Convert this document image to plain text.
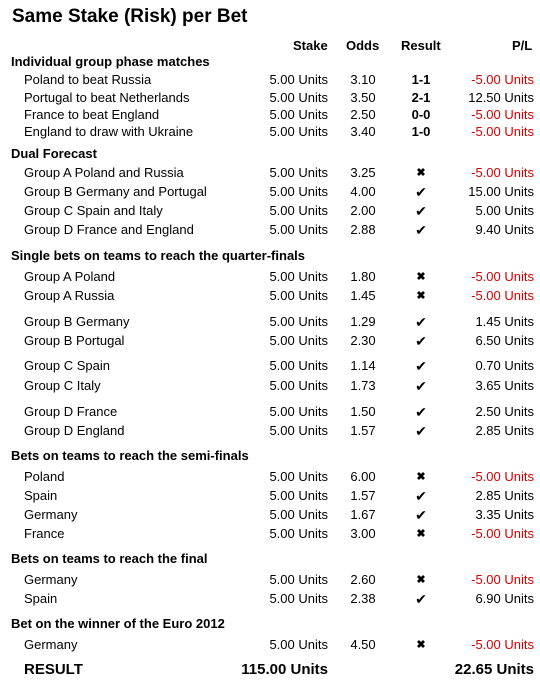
Same Stake (Risk) per Bet
Stake Odds Result	P/L
Individual group phase matches
Poland to beat Russia	5.00 Units	3.10	1-1	-5.00 Units
Portugal to beat Netherlands	5.00 Units	3.50	2-1	12.50 Units
France to beat England	5.00 Units	2.50	0-0	-5.00 Units
England to draw with Ukraine	5.00 Units	3.40	1-0	-5.00 Units
Dual Forecast
Group A Poland and Russia	5.00 Units	3.25	✖	-5.00 Units
Group B Germany and Portugal	5.00 Units	4.00	✔	15.00 Units
Group C Spain and Italy	5.00 Units	2.00	✔	5.00 Units
Group D France and England	5.00 Units	2.88	✔	9.40 Units
Single bets on teams to reach the quarter-finals
Group A Poland	5.00 Units	1.80	✖	-5.00 Units
Group A Russia	5.00 Units	1.45	✖	-5.00 Units
Group B Germany	5.00 Units	1.29	✔	1.45 Units
Group B Portugal	5.00 Units	2.30	✔	6.50 Units
Group C Spain	5.00 Units	1.14	✔	0.70 Units
Group C Italy	5.00 Units	1.73	✔	3.65 Units
Group D France	5.00 Units	1.50	✔	2.50 Units
Group D England	5.00 Units	1.57	✔	2.85 Units
Bets on teams to reach the semi-finals
Poland	5.00 Units	6.00	✖	-5.00 Units
Spain	5.00 Units	1.57	✔	2.85 Units
Germany	5.00 Units	1.67	✔	3.35 Units
France	5.00 Units	3.00	✖	-5.00 Units
Bets on teams to reach the final
Germany	5.00 Units	2.60	✖	-5.00 Units
Spain	5.00 Units	2.38	✔	6.90 Units
Bet on the winner of the Euro 2012
Germany	5.00 Units	4.50	✖	-5.00 Units
RESULT	115.00 Units	22.65 Units
